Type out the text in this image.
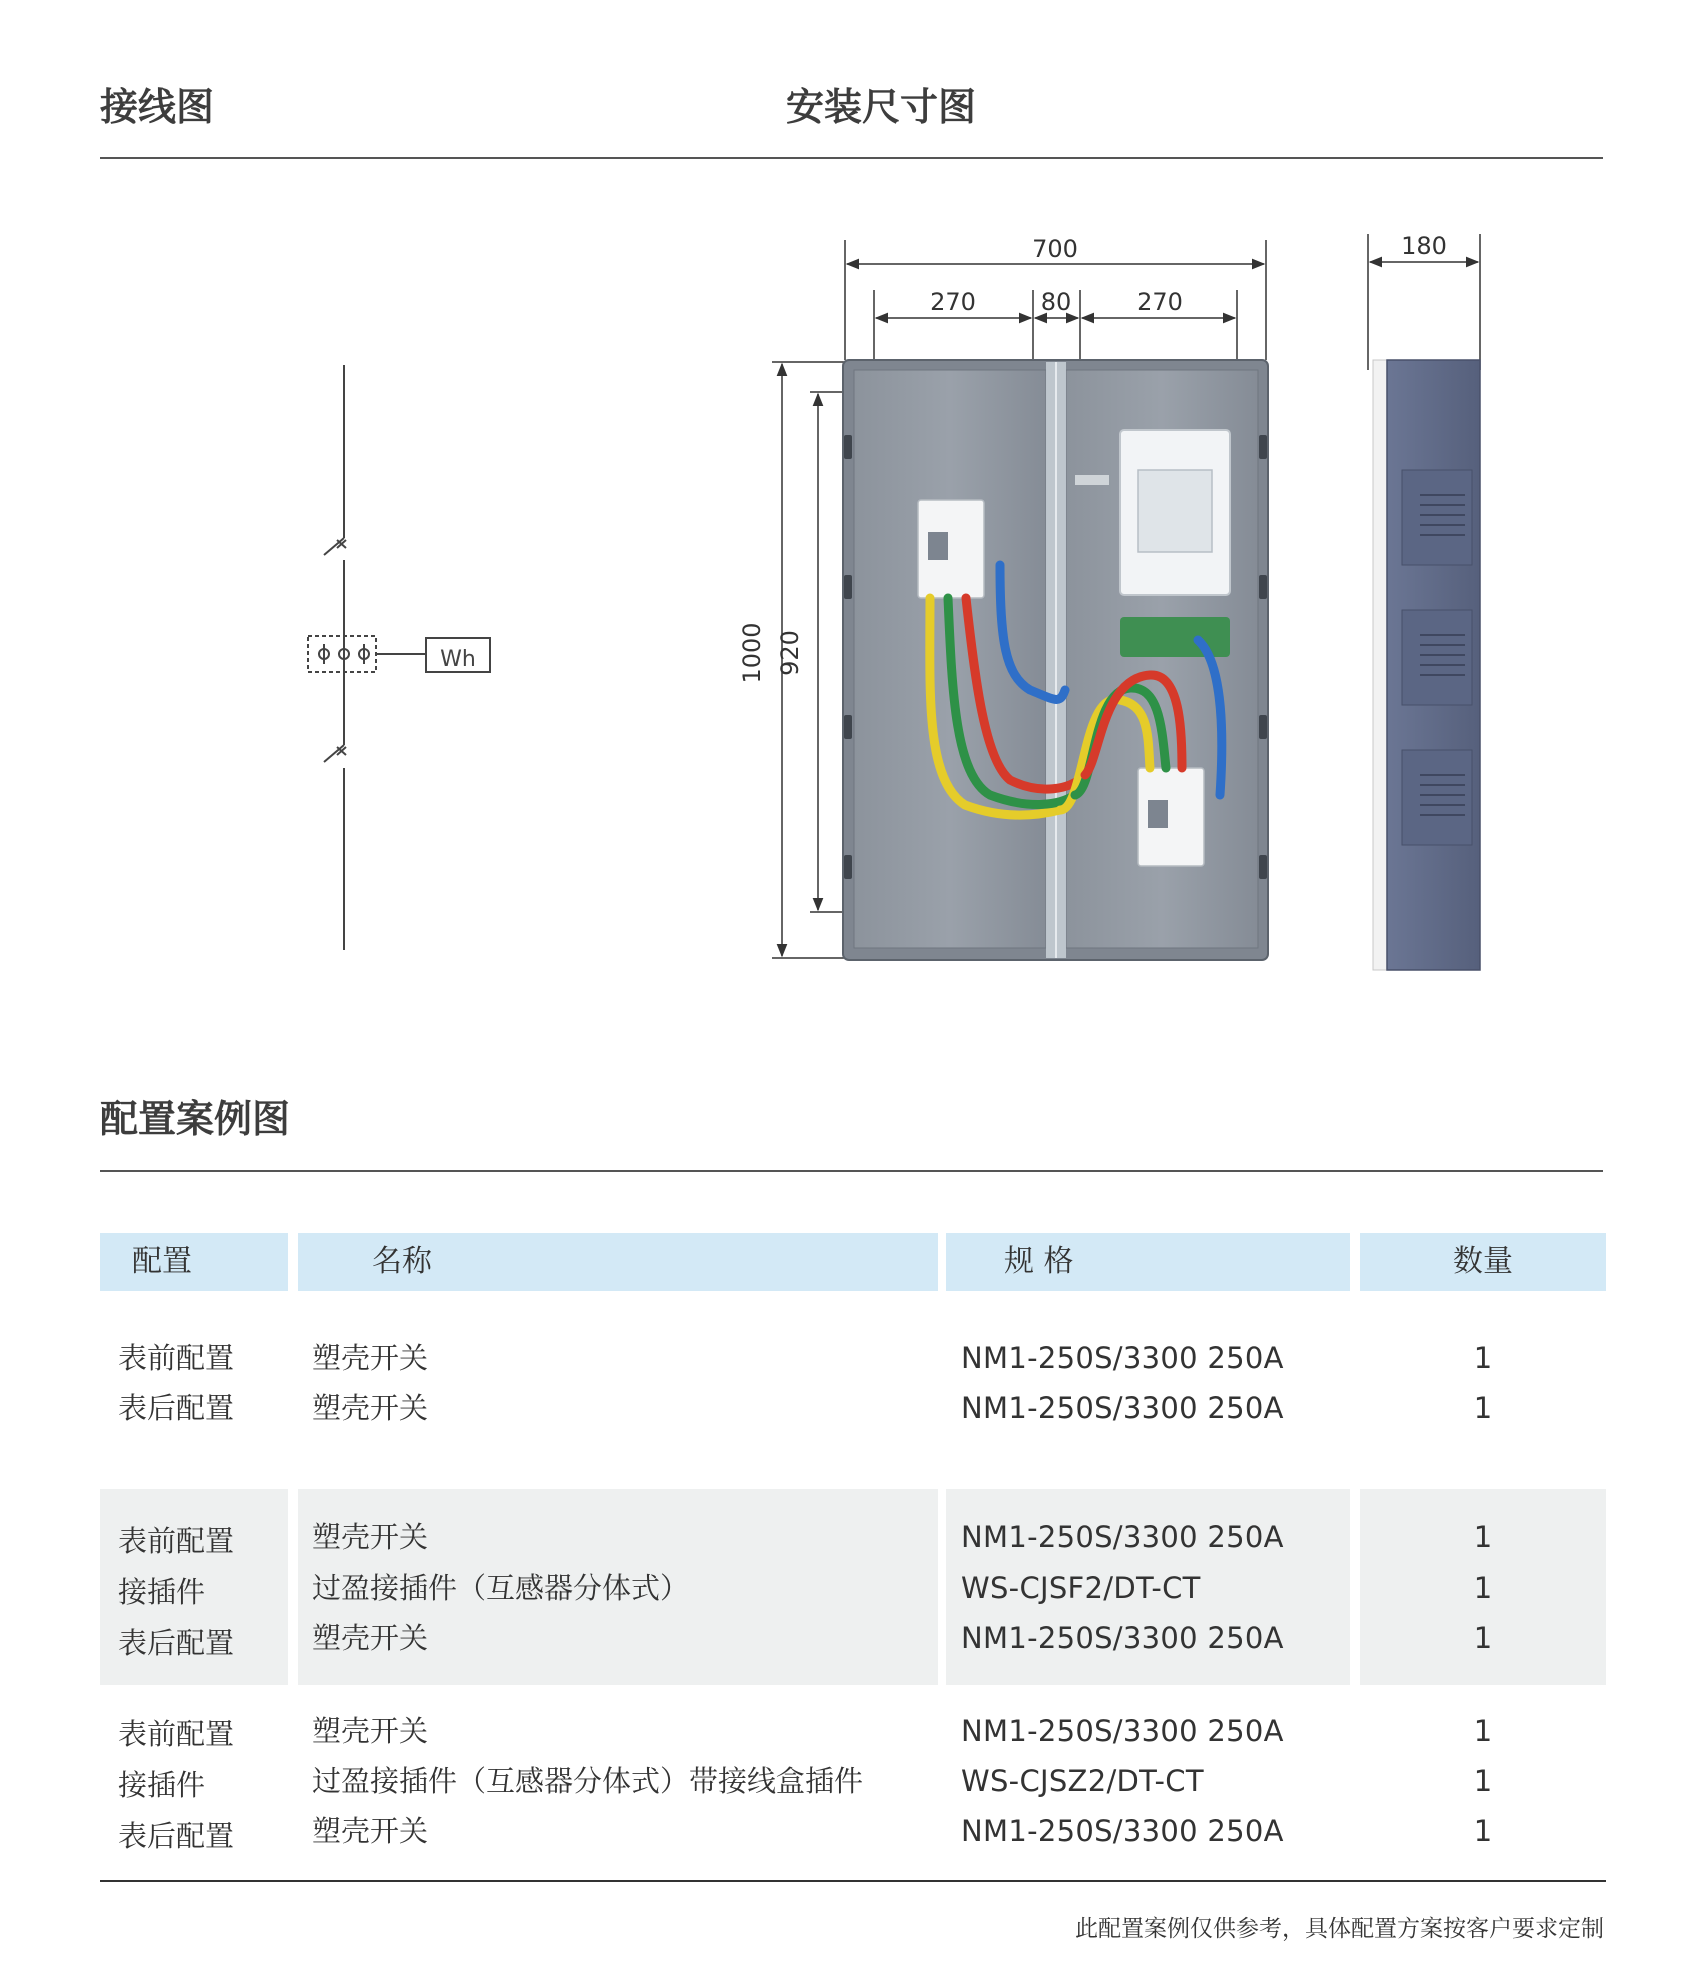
接线图	安装尺寸图
Wh
700
270	80	270
1000 920
180
配置案例图
配置	名称	规 格	数量
表前配置	塑壳开关	NM1-250S/3300 250A	1
表后配置	塑壳开关	NM1-250S/3300 250A	1
表前配置	塑壳开关	NM1-250S/3300 250A	1
接插件	过盈接插件（互感器分体式）	WS-CJSF2/DT-CT	1
表后配置	塑壳开关	NM1-250S/3300 250A	1
表前配置	塑壳开关	NM1-250S/3300 250A	1
接插件	过盈接插件（互感器分体式）带接线盒插件	WS-CJSZ2/DT-CT	1
表后配置	塑壳开关	NM1-250S/3300 250A	1
此配置案例仅供参考，具体配置方案按客户要求定制
